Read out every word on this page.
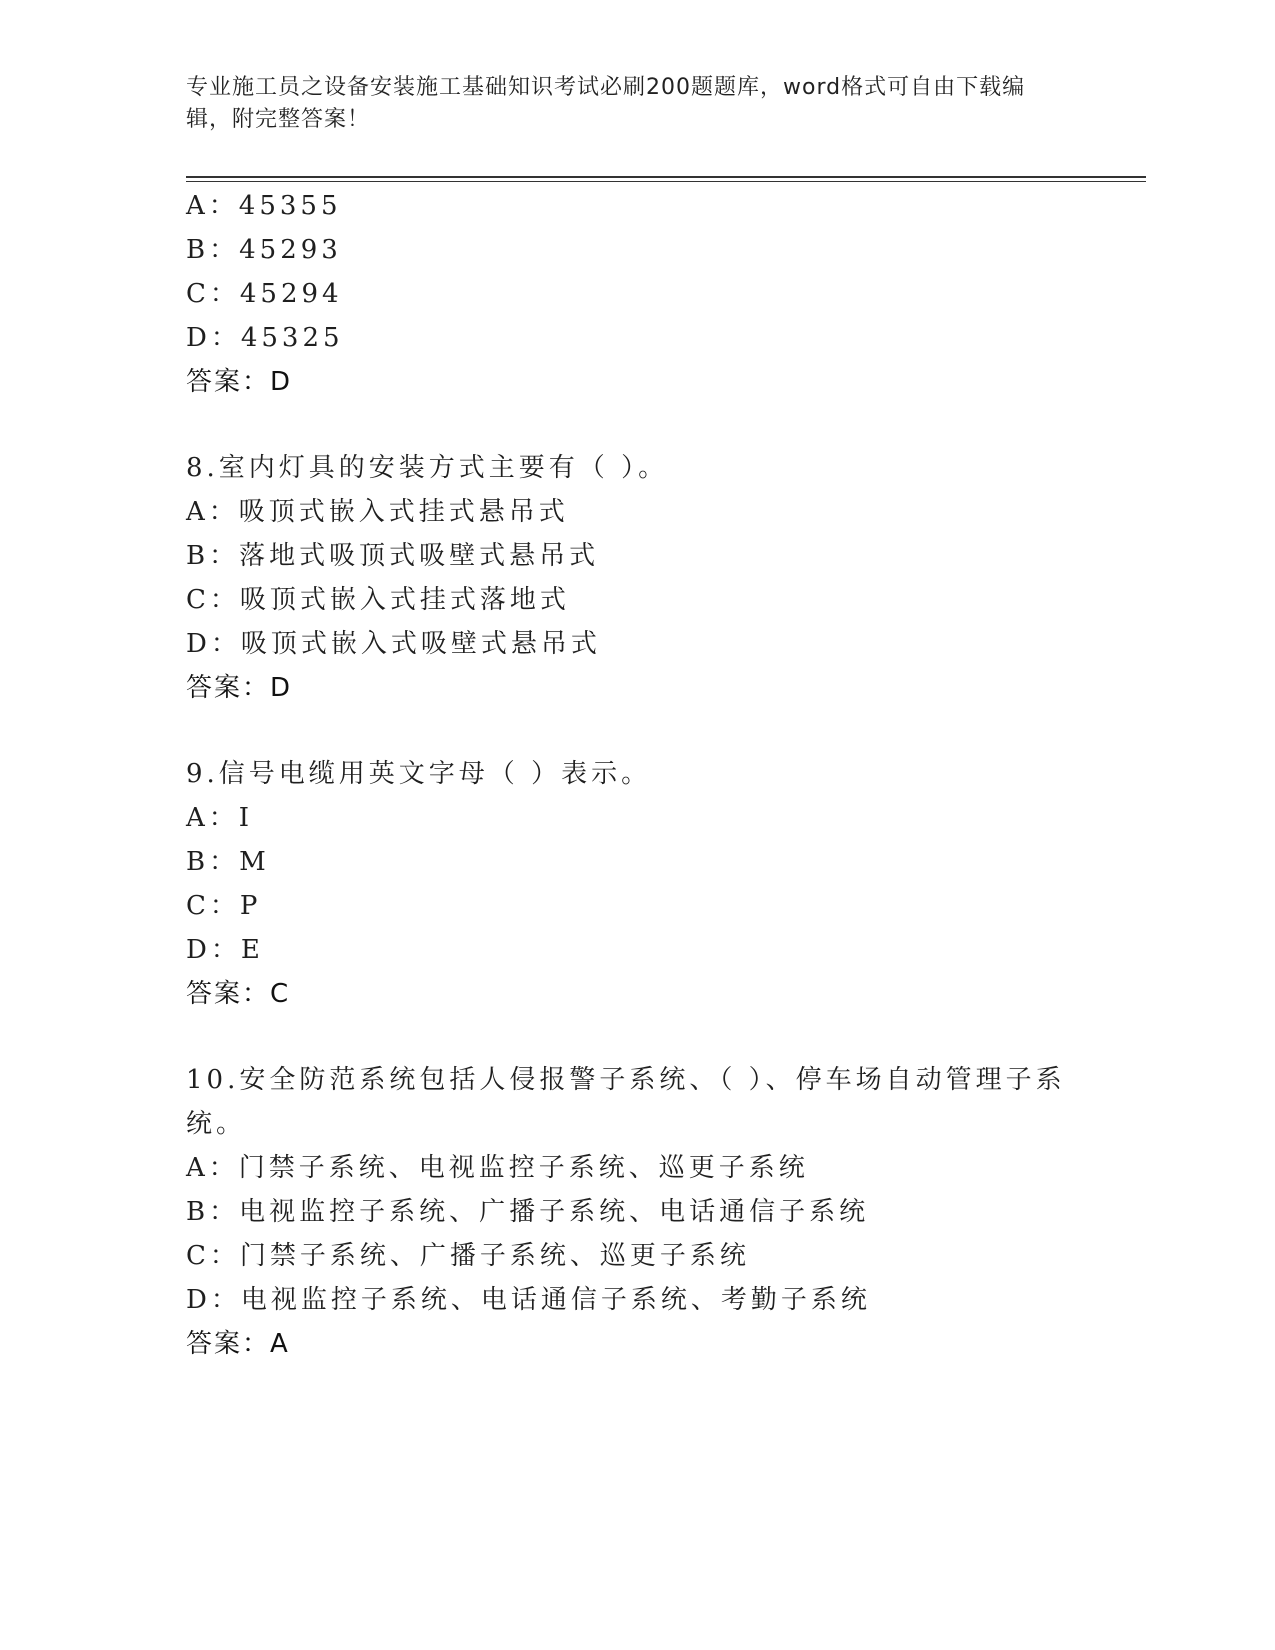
专业施工员之设备安装施工基础知识考试必刷200题题库，word格式可自由下载编辑，附完整答案！
A：45355
B：45293
C：45294
D：45325
答案：D
8.室内灯具的安装方式主要有（ ）。
A：吸顶式嵌入式挂式悬吊式
B：落地式吸顶式吸壁式悬吊式
C：吸顶式嵌入式挂式落地式
D：吸顶式嵌入式吸壁式悬吊式
答案：D
9.信号电缆用英文字母（ ）表示。
A：I
B：M
C：P
D：E
答案：C
10.安全防范系统包括人侵报警子系统、（ ）、停车场自动管理子系统。
A：门禁子系统、电视监控子系统、巡更子系统
B：电视监控子系统、广播子系统、电话通信子系统
C：门禁子系统、广播子系统、巡更子系统
D：电视监控子系统、电话通信子系统、考勤子系统
答案：A
